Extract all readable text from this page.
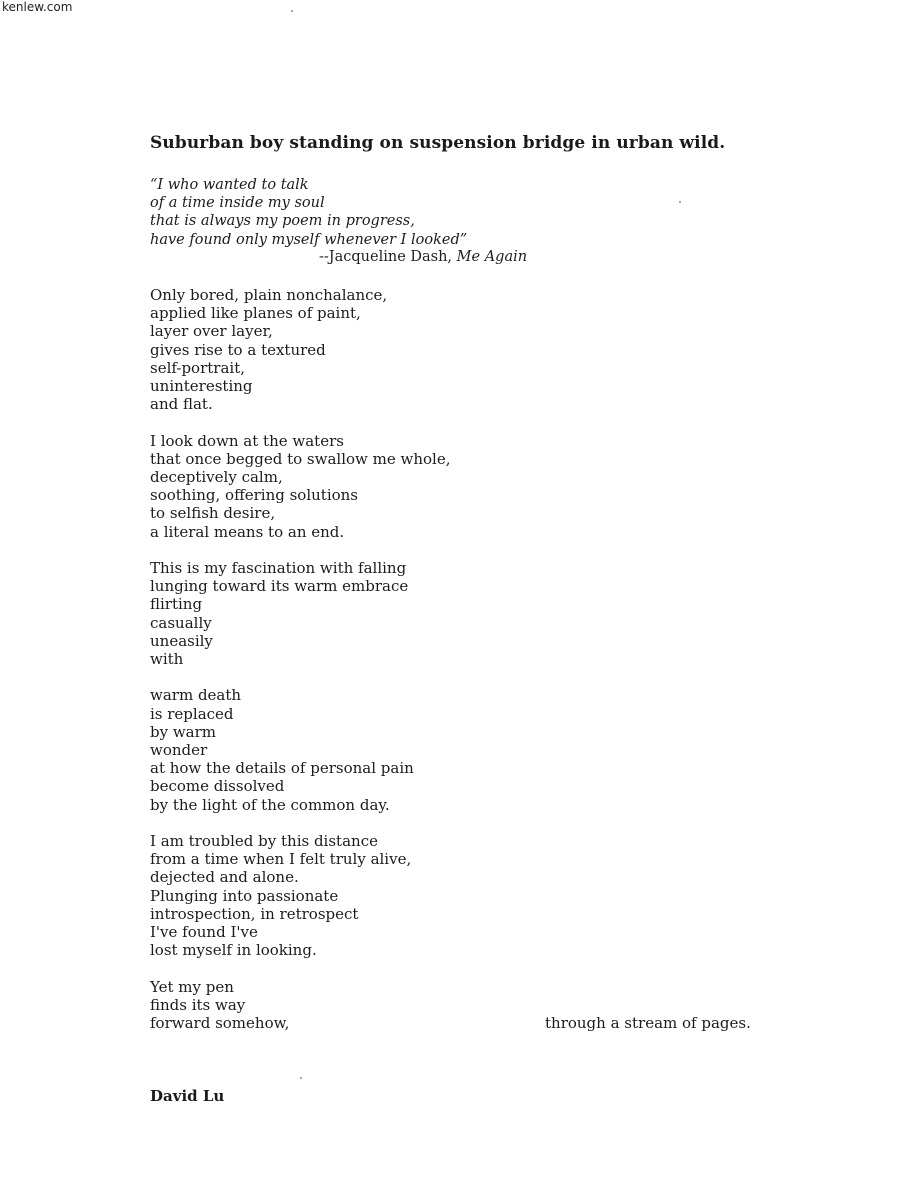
kenlew.com
Suburban boy standing on suspension bridge in urban wild.
“I who wanted to talk
of a time inside my soul
that is always my poem in progress,
have found only myself whenever I looked”
--Jacqueline Dash, Me Again
Only bored, plain nonchalance,
applied like planes of paint,
layer over layer,
gives rise to a textured
self-portrait,
uninteresting
and flat.
I look down at the waters
that once begged to swallow me whole,
deceptively calm,
soothing, offering solutions
to selfish desire,
a literal means to an end.
This is my fascination with falling
lunging toward its warm embrace
flirting
casually
uneasily
with
warm death
is replaced
by warm
wonder
at how the details of personal pain
become dissolved
by the light of the common day.
I am troubled by this distance
from a time when I felt truly alive,
dejected and alone.
Plunging into passionate
introspection, in retrospect
I've found I've
lost myself in looking.
Yet my pen
finds its way
forward somehow,	through a stream of pages.
David Lu
